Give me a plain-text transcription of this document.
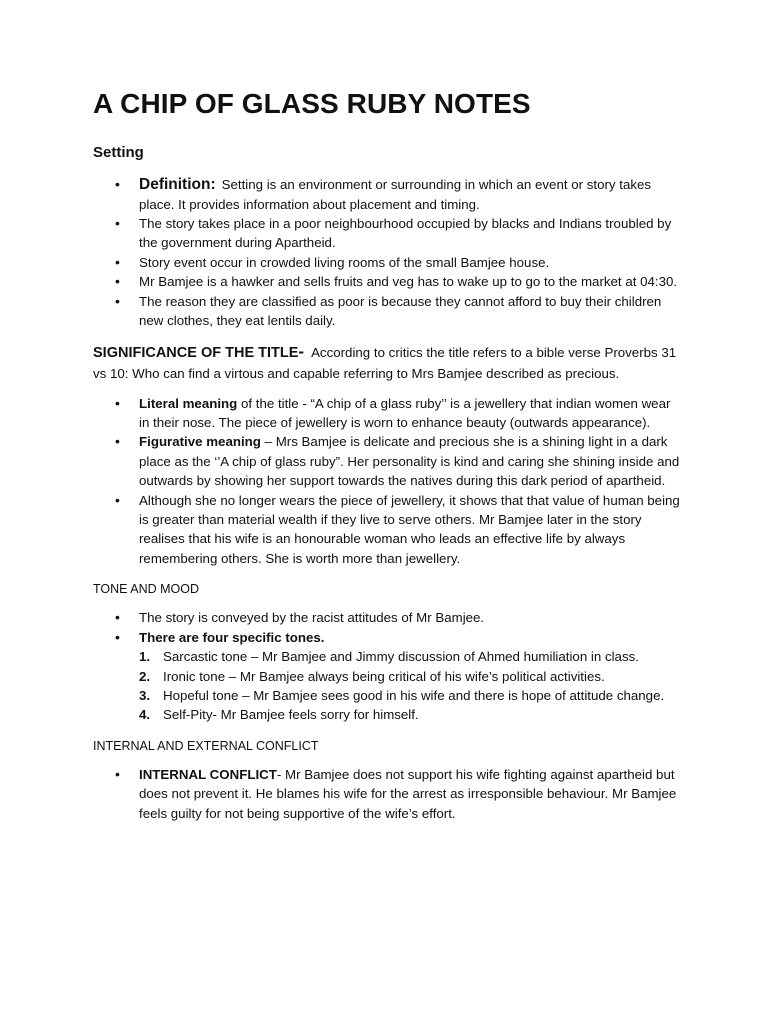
A CHIP OF GLASS RUBY NOTES
Setting
• Definition: Setting is an environment or surrounding in which an event or story takes place. It provides information about placement and timing.
• The story takes place in a poor neighbourhood occupied by blacks and Indians troubled by the government during Apartheid.
• Story event occur in crowded living rooms of the small Bamjee house.
• Mr Bamjee is a hawker and sells fruits and veg has to wake up to go to the market at 04:30.
• The reason they are classified as poor is because they cannot afford to buy their children new clothes, they eat lentils daily.
SIGNIFICANCE OF THE TITLE- According to critics the title refers to a bible verse Proverbs 31 vs 10: Who can find a virtous and capable referring to Mrs Bamjee described as precious.
• Literal meaning of the title - “A chip of a glass ruby’’ is a jewellery that indian women wear in their nose. The piece of jewellery is worn to enhance beauty (outwards appearance).
• Figurative meaning – Mrs Bamjee is delicate and precious she is a shining light in a dark place as the ‘’A chip of glass ruby”. Her personality is kind and caring she shining inside and outwards by showing her support towards the natives during this dark period of apartheid.
• Although she no longer wears the piece of jewellery, it shows that that value of human being is greater than material wealth if they live to serve others. Mr Bamjee later in the story realises that his wife is an honourable woman who leads an effective life by always remembering others. She is worth more than jewellery.
TONE AND MOOD
• The story is conveyed by the racist attitudes of Mr Bamjee.
• There are four specific tones.
1. Sarcastic tone – Mr Bamjee and Jimmy discussion of Ahmed humiliation in class.
2. Ironic tone – Mr Bamjee always being critical of his wife’s political activities.
3. Hopeful tone – Mr Bamjee sees good in his wife and there is hope of attitude change.
4. Self-Pity- Mr Bamjee feels sorry for himself.
INTERNAL AND EXTERNAL CONFLICT
• INTERNAL CONFLICT- Mr Bamjee does not support his wife fighting against apartheid but does not prevent it. He blames his wife for the arrest as irresponsible behaviour. Mr Bamjee feels guilty for not being supportive of the wife’s effort.
